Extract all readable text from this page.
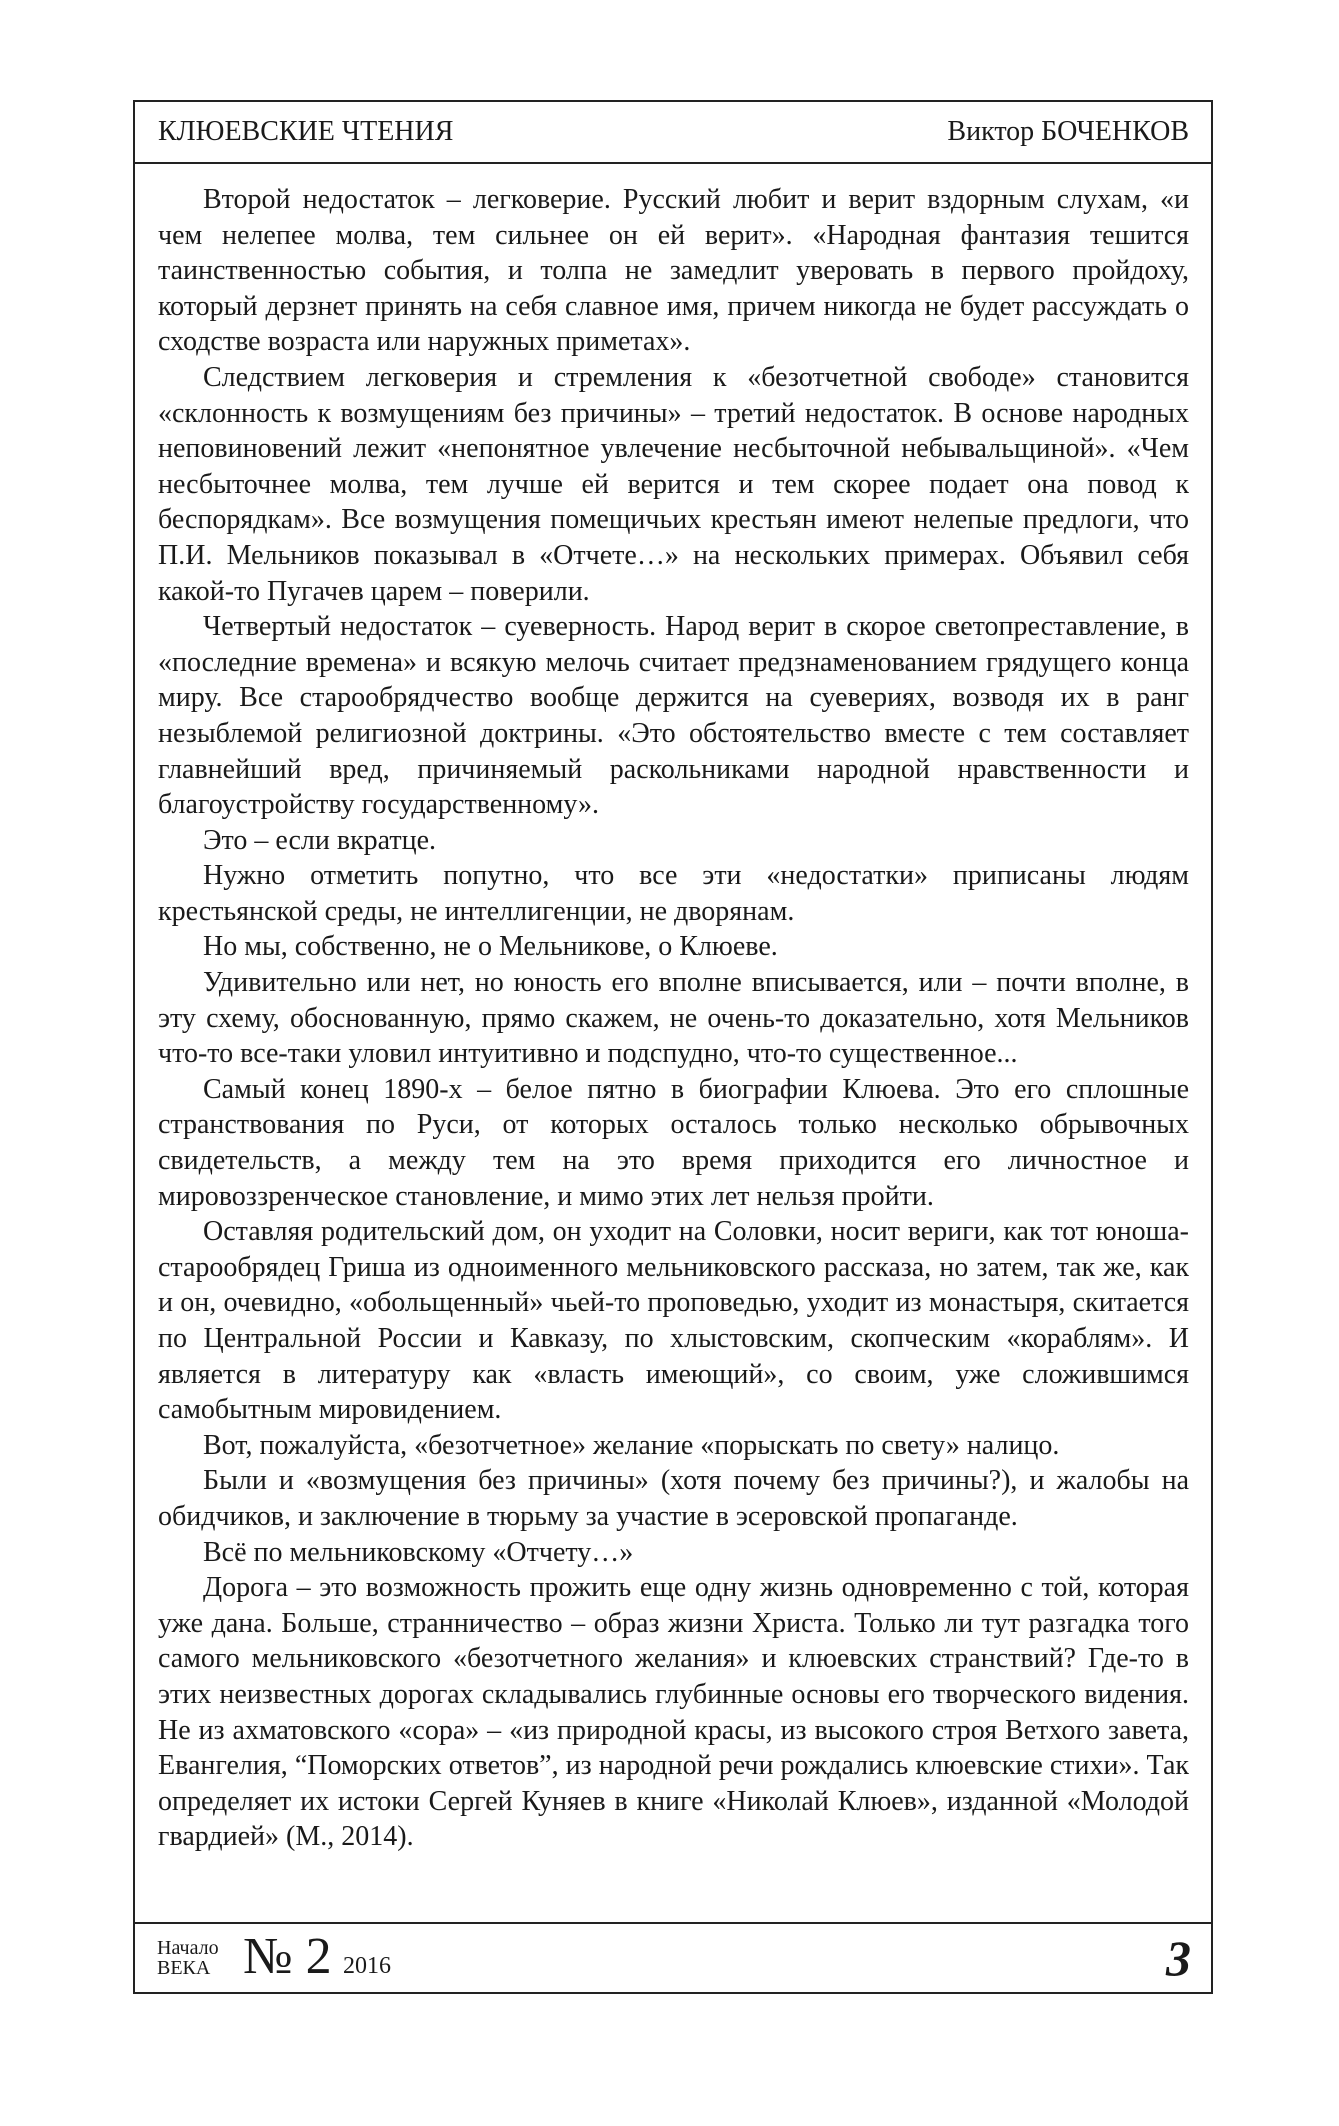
КЛЮЕВСКИЕ ЧТЕНИЯ	Виктор БОЧЕНКОВ

Второй недостаток – легковерие. Русский любит и верит вздорным слухам, «и чем нелепее молва, тем сильнее он ей верит». «Народная фантазия тешится таинственностью события, и толпа не замедлит уверовать в первого пройдоху, который дерзнет принять на себя славное имя, причем никогда не будет рассуждать о сходстве возраста или наружных приметах».

Следствием легковерия и стремления к «безотчетной свободе» становится «склонность к возмущениям без причины» – третий недостаток. В основе народных неповиновений лежит «непонятное увлечение несбыточной небывальщиной». «Чем несбыточнее молва, тем лучше ей верится и тем скорее подает она повод к беспорядкам». Все возмущения помещичьих крестьян имеют нелепые предлоги, что П.И. Мельников показывал в «Отчете…» на нескольких примерах. Объявил себя какой-то Пугачев царем – поверили.

Четвертый недостаток – суеверность. Народ верит в скорое светопреставление, в «последние времена» и всякую мелочь считает предзнаменованием грядущего конца миру. Все старообрядчество вообще держится на суевериях, возводя их в ранг незыблемой религиозной доктрины. «Это обстоятельство вместе с тем составляет главнейший вред, причиняемый раскольниками народной нравственности и благоустройству государственному».

Это – если вкратце.

Нужно отметить попутно, что все эти «недостатки» приписаны людям крестьянской среды, не интеллигенции, не дворянам.

Но мы, собственно, не о Мельникове, о Клюеве.

Удивительно или нет, но юность его вполне вписывается, или – почти вполне, в эту схему, обоснованную, прямо скажем, не очень-то доказательно, хотя Мельников что-то все-таки уловил интуитивно и подспудно, что-то существенное...

Самый конец 1890-х – белое пятно в биографии Клюева. Это его сплошные странствования по Руси, от которых осталось только несколько обрывочных свидетельств, а между тем на это время приходится его личностное и мировоззренческое становление, и мимо этих лет нельзя пройти.

Оставляя родительский дом, он уходит на Соловки, носит вериги, как тот юноша-старообрядец Гриша из одноименного мельниковского рассказа, но затем, так же, как и он, очевидно, «обольщенный» чьей-то проповедью, уходит из монастыря, скитается по Центральной России и Кавказу, по хлыстовским, скопческим «кораблям». И является в литературу как «власть имеющий», со своим, уже сложившимся самобытным мировидением.

Вот, пожалуйста, «безотчетное» желание «порыскать по свету» налицо.

Были и «возмущения без причины» (хотя почему без причины?), и жалобы на обидчиков, и заключение в тюрьму за участие в эсеровской пропаганде.

Всё по мельниковскому «Отчету…»

Дорога – это возможность прожить еще одну жизнь одновременно с той, которая уже дана. Больше, странничество – образ жизни Христа. Только ли тут разгадка того самого мельниковского «безотчетного желания» и клюевских странствий? Где-то в этих неизвестных дорогах складывались глубинные основы его творческого видения. Не из ахматовского «сора» – «из природной красы, из высокого строя Ветхого завета, Евангелия, “Поморских ответов”, из народной речи рождались клюевские стихи». Так определяет их истоки Сергей Куняев в книге «Николай Клюев», изданной «Молодой гвардией» (М., 2014).

Начало
ВЕКА № 2 2016	3
